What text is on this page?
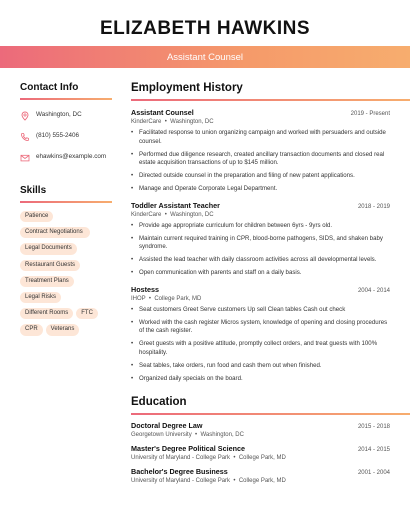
ELIZABETH HAWKINS
Assistant Counsel
Contact Info
Washington, DC
(810) 555-2406
ehawkins@example.com
Skills
Patience
Contract Negotiations
Legal Documents
Restaurant Guests
Treatment Plans
Legal Risks
Different Rooms	FTC
CPR	Veterans
Employment History
Assistant Counsel	2019 - Present
KinderCare  •  Washington, DC
• Facilitated response to union organizing campaign and worked with persuaders and outside counsel.
• Performed due diligence research, created ancillary transaction documents and closed real estate acquisition transactions of up to $145 million.
• Directed outside counsel in the preparation and filing of new patent applications.
• Manage and Operate Corporate Legal Department.
Toddler Assistant Teacher	2018 - 2019
KinderCare  •  Washington, DC
• Provide age appropriate curriculum for children between 6yrs - 9yrs old.
• Maintain current required training in CPR, blood-borne pathogens, SIDS, and shaken baby syndrome.
• Assisted the lead teacher with daily classroom activities across all developmental levels.
• Open communication with parents and staff on a daily basis.
Hostess	2004 - 2014
IHOP  •  College Park, MD
• Seat customers Greet Serve customers Up sell Clean tables Cash out check
• Worked with the cash register Micros system, knowledge of opening and closing procedures of the cash register.
• Greet guests with a positive attitude, promptly collect orders, and treat guests with 100% hospitality.
• Seat tables, take orders, run food and cash them out when finished.
• Organized daily specials on the board.
Education
Doctoral Degree Law	2015 - 2018
Georgetown University  •  Washington, DC
Master's Degree Political Science	2014 - 2015
University of Maryland - College Park  •  College Park, MD
Bachelor's Degree Business	2001 - 2004
University of Maryland - College Park  •  College Park, MD
